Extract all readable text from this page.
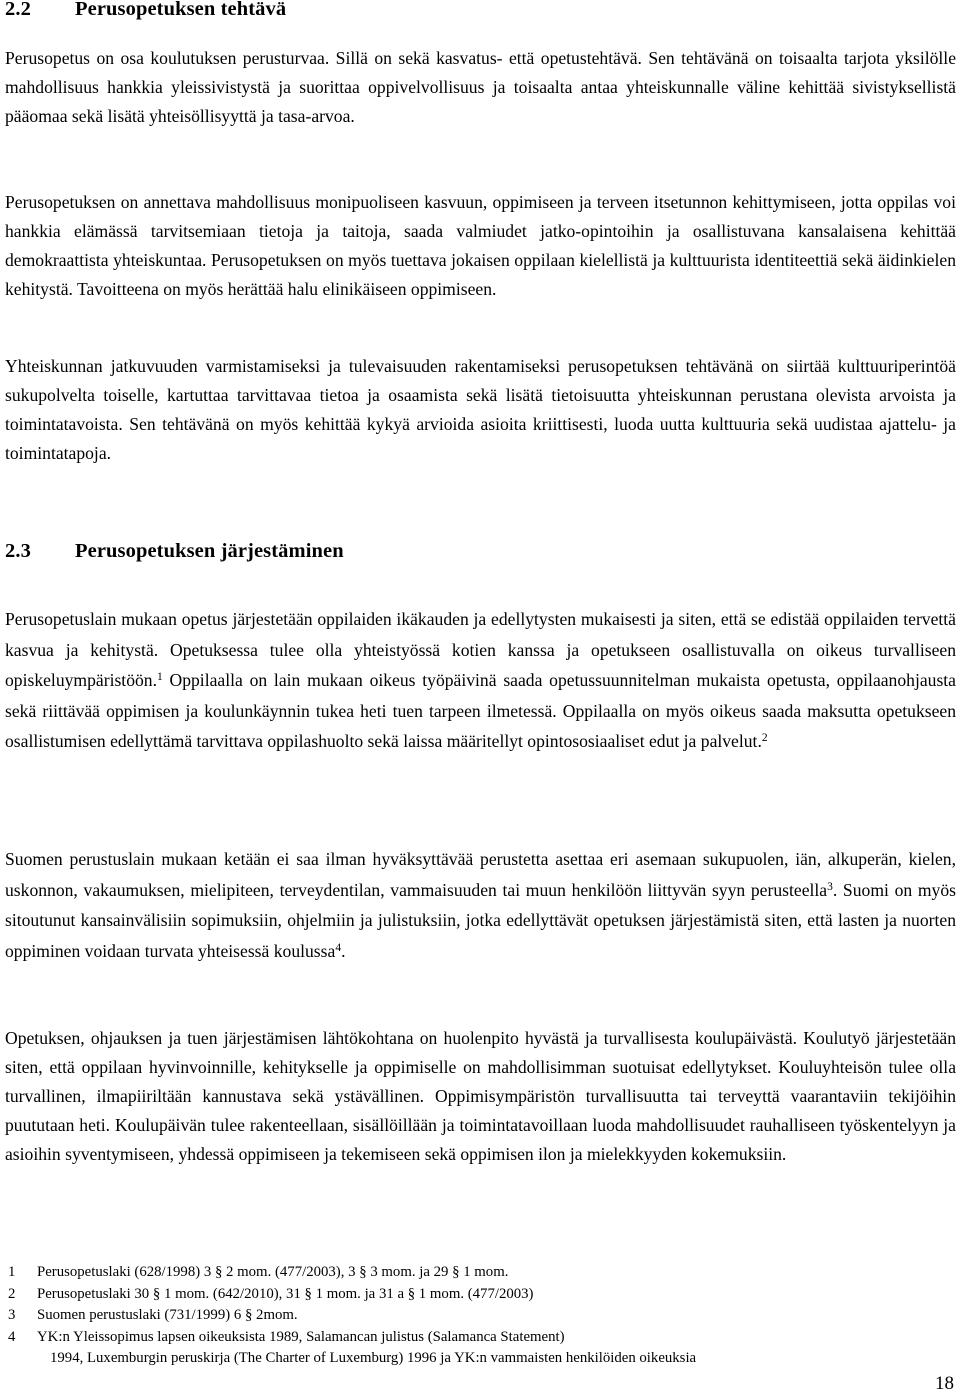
2.2 Perusopetuksen tehtävä

Perusopetus on osa koulutuksen perusturvaa. Sillä on sekä kasvatus- että opetustehtävä. Sen tehtävänä on toisaalta tarjota yksilölle mahdollisuus hankkia yleissivistystä ja suorittaa oppivelvollisuus ja toisaalta antaa yhteiskunnalle väline kehittää sivistyksellistä pääomaa sekä lisätä yhteisöllisyyttä ja tasa-arvoa.

Perusopetuksen on annettava mahdollisuus monipuoliseen kasvuun, oppimiseen ja terveen itsetunnon kehittymiseen, jotta oppilas voi hankkia elämässä tarvitsemiaan tietoja ja taitoja, saada valmiudet jatko-opintoihin ja osallistuvana kansalaisena kehittää demokraattista yhteiskuntaa. Perusopetuksen on myös tuettava jokaisen oppilaan kielellistä ja kulttuurista identiteettiä sekä äidinkielen kehitystä. Tavoitteena on myös herättää halu elinikäiseen oppimiseen.

Yhteiskunnan jatkuvuuden varmistamiseksi ja tulevaisuuden rakentamiseksi perusopetuksen tehtävänä on siirtää kulttuuriperintöä sukupolvelta toiselle, kartuttaa tarvittavaa tietoa ja osaamista sekä lisätä tietoisuutta yhteiskunnan perustana olevista arvoista ja toimintatavoista. Sen tehtävänä on myös kehittää kykyä arvioida asioita kriittisesti, luoda uutta kulttuuria sekä uudistaa ajattelu- ja toimintatapoja.

2.3 Perusopetuksen järjestäminen

Perusopetuslain mukaan opetus järjestetään oppilaiden ikäkauden ja edellytysten mukaisesti ja siten, että se edistää oppilaiden tervettä kasvua ja kehitystä. Opetuksessa tulee olla yhteistyössä kotien kanssa ja opetukseen osallistuvalla on oikeus turvalliseen opiskeluympäristöön.$^1$ Oppilaalla on lain mukaan oikeus työpäivinä saada opetussuunnitelman mukaista opetusta, oppilaanohjausta sekä riittävää oppimisen ja koulunkäynnin tukea heti tuen tarpeen ilmetessä. Oppilaalla on myös oikeus saada maksutta opetukseen osallistumisen edellyttämä tarvittava oppilashuolto sekä laissa määritellyt opintososiaaliset edut ja palvelut.$^2$

Suomen perustuslain mukaan ketään ei saa ilman hyväksyttävää perustetta asettaa eri asemaan sukupuolen, iän, alkuperän, kielen, uskonnon, vakaumuksen, mielipiteen, terveydentilan, vammaisuuden tai muun henkilöön liittyvän syyn perusteella$^3$. Suomi on myös sitoutunut kansainvälisiin sopimuksiin, ohjelmiin ja julistuksiin, jotka edellyttävät opetuksen järjestämistä siten, että lasten ja nuorten oppiminen voidaan turvata yhteisessä koulussa$^4$.

Opetuksen, ohjauksen ja tuen järjestämisen lähtökohtana on huolenpito hyvästä ja turvallisesta koulupäivästä. Koulutyö järjestetään siten, että oppilaan hyvinvoinnille, kehitykselle ja oppimiselle on mahdollisimman suotuisat edellytykset. Kouluyhteisön tulee olla turvallinen, ilmapiiriltään kannustava sekä ystävällinen. Oppimisympäristön turvallisuutta tai terveyttä vaarantaviin tekijöihin puututaan heti. Koulupäivän tulee rakenteellaan, sisällöillään ja toimintatavoillaan luoda mahdollisuudet rauhalliseen työskentelyyn ja asioihin syventymiseen, yhdessä oppimiseen ja tekemiseen sekä oppimisen ilon ja mielekkyyden kokemuksiin.

1	Perusopetuslaki (628/1998) 3 § 2 mom. (477/2003), 3 § 3 mom. ja 29 § 1 mom.
2	Perusopetuslaki 30 § 1 mom. (642/2010), 31 § 1 mom. ja 31 a § 1 mom. (477/2003)
3	Suomen perustuslaki (731/1999) 6 § 2mom.
4	YK:n Yleissopimus lapsen oikeuksista 1989, Salamancan julistus (Salamanca Statement)
1994, Luxemburgin peruskirja (The Charter of Luxemburg) 1996 ja YK:n vammaisten henkilöiden oikeuksia
18
